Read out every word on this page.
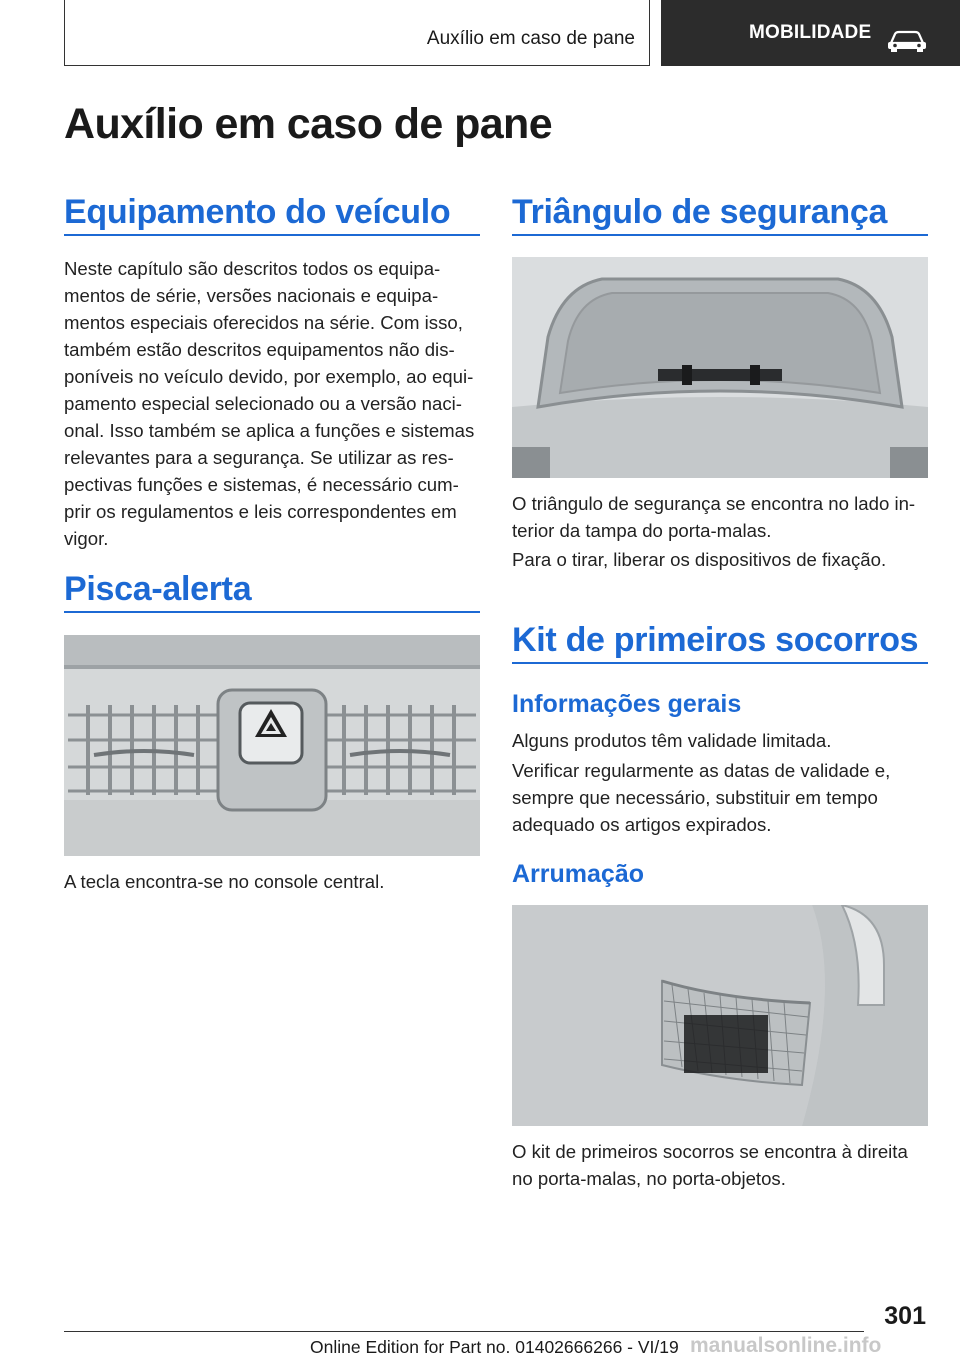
Auxílio em caso de pane	MOBILIDADE
Auxílio em caso de pane
Equipamento do veículo
Neste capítulo são descritos todos os equipa‐
mentos de série, versões nacionais e equipa‐
mentos especiais oferecidos na série. Com isso,
também estão descritos equipamentos não dis‐
poníveis no veículo devido, por exemplo, ao equi‐
pamento especial selecionado ou a versão naci‐
onal. Isso também se aplica a funções e sistemas
relevantes para a segurança. Se utilizar as res‐
pectivas funções e sistemas, é necessário cum‐
prir os regulamentos e leis correspondentes em
vigor.
Pisca-alerta
A tecla encontra-se no console central.
Triângulo de segurança
O triângulo de segurança se encontra no lado in‐
terior da tampa do porta-malas.
Para o tirar, liberar os dispositivos de fixação.
Kit de primeiros socorros
Informações gerais
Alguns produtos têm validade limitada.
Verificar regularmente as datas de validade e,
sempre que necessário, substituir em tempo
adequado os artigos expirados.
Arrumação
O kit de primeiros socorros se encontra à direita
no porta-malas, no porta-objetos.
301
Online Edition for Part no. 01402666266 - VI/19 manualsonline.info
